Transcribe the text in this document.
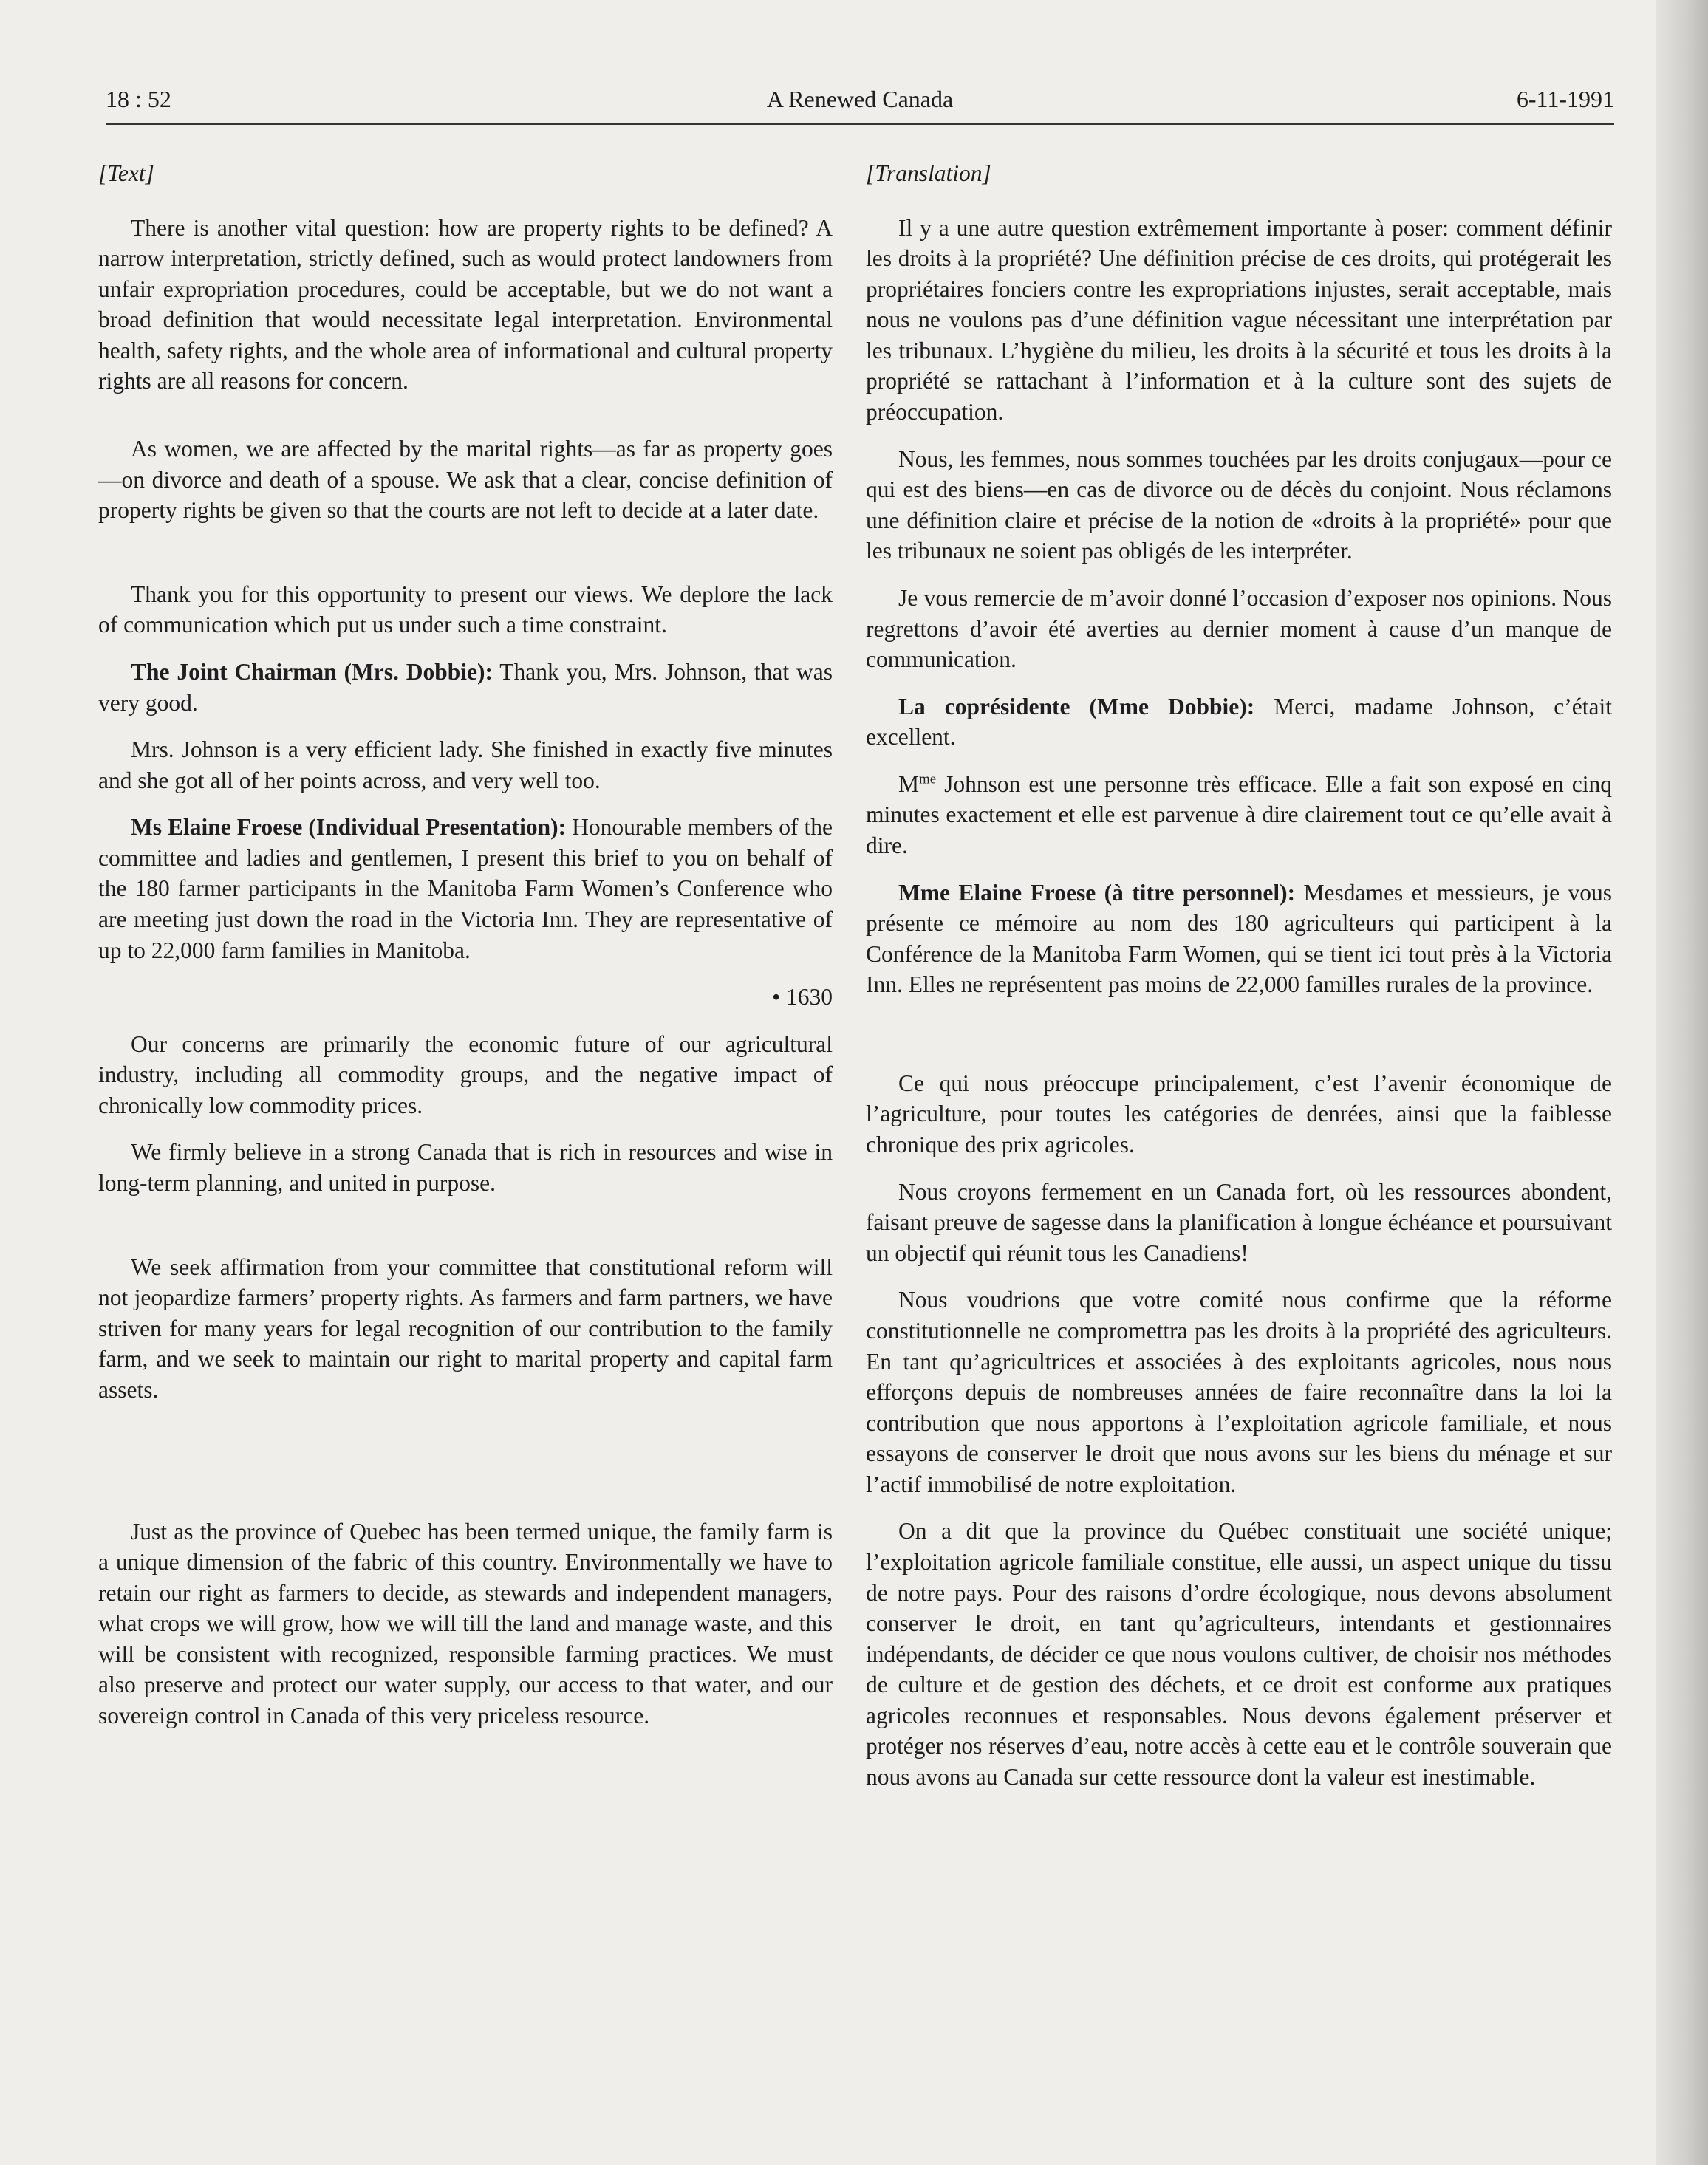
18 : 52	A Renewed Canada	6-11-1991

[Text]

There is another vital question: how are property rights to be defined? A narrow interpretation, strictly defined, such as would protect landowners from unfair expropriation procedures, could be acceptable, but we do not want a broad definition that would necessitate legal interpretation. Environmental health, safety rights, and the whole area of informational and cultural property rights are all reasons for concern.

As women, we are affected by the marital rights—as far as property goes—on divorce and death of a spouse. We ask that a clear, concise definition of property rights be given so that the courts are not left to decide at a later date.

Thank you for this opportunity to present our views. We deplore the lack of communication which put us under such a time constraint.

The Joint Chairman (Mrs. Dobbie): Thank you, Mrs. Johnson, that was very good.

Mrs. Johnson is a very efficient lady. She finished in exactly five minutes and she got all of her points across, and very well too.

Ms Elaine Froese (Individual Presentation): Honourable members of the committee and ladies and gentlemen, I present this brief to you on behalf of the 180 farmer participants in the Manitoba Farm Women’s Conference who are meeting just down the road in the Victoria Inn. They are representative of up to 22,000 farm families in Manitoba.

• 1630

Our concerns are primarily the economic future of our agricultural industry, including all commodity groups, and the negative impact of chronically low commodity prices.

We firmly believe in a strong Canada that is rich in resources and wise in long-term planning, and united in purpose.

We seek affirmation from your committee that constitutional reform will not jeopardize farmers’ property rights. As farmers and farm partners, we have striven for many years for legal recognition of our contribution to the family farm, and we seek to maintain our right to marital property and capital farm assets.

Just as the province of Quebec has been termed unique, the family farm is a unique dimension of the fabric of this country. Environmentally we have to retain our right as farmers to decide, as stewards and independent managers, what crops we will grow, how we will till the land and manage waste, and this will be consistent with recognized, responsible farming practices. We must also preserve and protect our water supply, our access to that water, and our sovereign control in Canada of this very priceless resource.

[Translation]

Il y a une autre question extrêmement importante à poser: comment définir les droits à la propriété? Une définition précise de ces droits, qui protégerait les propriétaires fonciers contre les expropriations injustes, serait acceptable, mais nous ne voulons pas d’une définition vague nécessitant une interprétation par les tribunaux. L’hygiène du milieu, les droits à la sécurité et tous les droits à la propriété se rattachant à l’information et à la culture sont des sujets de préoccupation.

Nous, les femmes, nous sommes touchées par les droits conjugaux—pour ce qui est des biens—en cas de divorce ou de décès du conjoint. Nous réclamons une définition claire et précise de la notion de «droits à la propriété» pour que les tribunaux ne soient pas obligés de les interpréter.

Je vous remercie de m’avoir donné l’occasion d’exposer nos opinions. Nous regrettons d’avoir été averties au dernier moment à cause d’un manque de communication.

La coprésidente (Mme Dobbie): Merci, madame Johnson, c’était excellent.

$M^{me}$ Johnson est une personne très efficace. Elle a fait son exposé en cinq minutes exactement et elle est parvenue à dire clairement tout ce qu’elle avait à dire.

Mme Elaine Froese (à titre personnel): Mesdames et messieurs, je vous présente ce mémoire au nom des 180 agriculteurs qui participent à la Conférence de la Manitoba Farm Women, qui se tient ici tout près à la Victoria Inn. Elles ne représentent pas moins de 22,000 familles rurales de la province.

Ce qui nous préoccupe principalement, c’est l’avenir économique de l’agriculture, pour toutes les catégories de denrées, ainsi que la faiblesse chronique des prix agricoles.

Nous croyons fermement en un Canada fort, où les ressources abondent, faisant preuve de sagesse dans la planification à longue échéance et poursuivant un objectif qui réunit tous les Canadiens!

Nous voudrions que votre comité nous confirme que la réforme constitutionnelle ne compromettra pas les droits à la propriété des agriculteurs. En tant qu’agricultrices et associées à des exploitants agricoles, nous nous efforçons depuis de nombreuses années de faire reconnaître dans la loi la contribution que nous apportons à l’exploitation agricole familiale, et nous essayons de conserver le droit que nous avons sur les biens du ménage et sur l’actif immobilisé de notre exploitation.

On a dit que la province du Québec constituait une société unique; l’exploitation agricole familiale constitue, elle aussi, un aspect unique du tissu de notre pays. Pour des raisons d’ordre écologique, nous devons absolument conserver le droit, en tant qu’agriculteurs, intendants et gestionnaires indépendants, de décider ce que nous voulons cultiver, de choisir nos méthodes de culture et de gestion des déchets, et ce droit est conforme aux pratiques agricoles reconnues et responsables. Nous devons également préserver et protéger nos réserves d’eau, notre accès à cette eau et le contrôle souverain que nous avons au Canada sur cette ressource dont la valeur est inestimable.
